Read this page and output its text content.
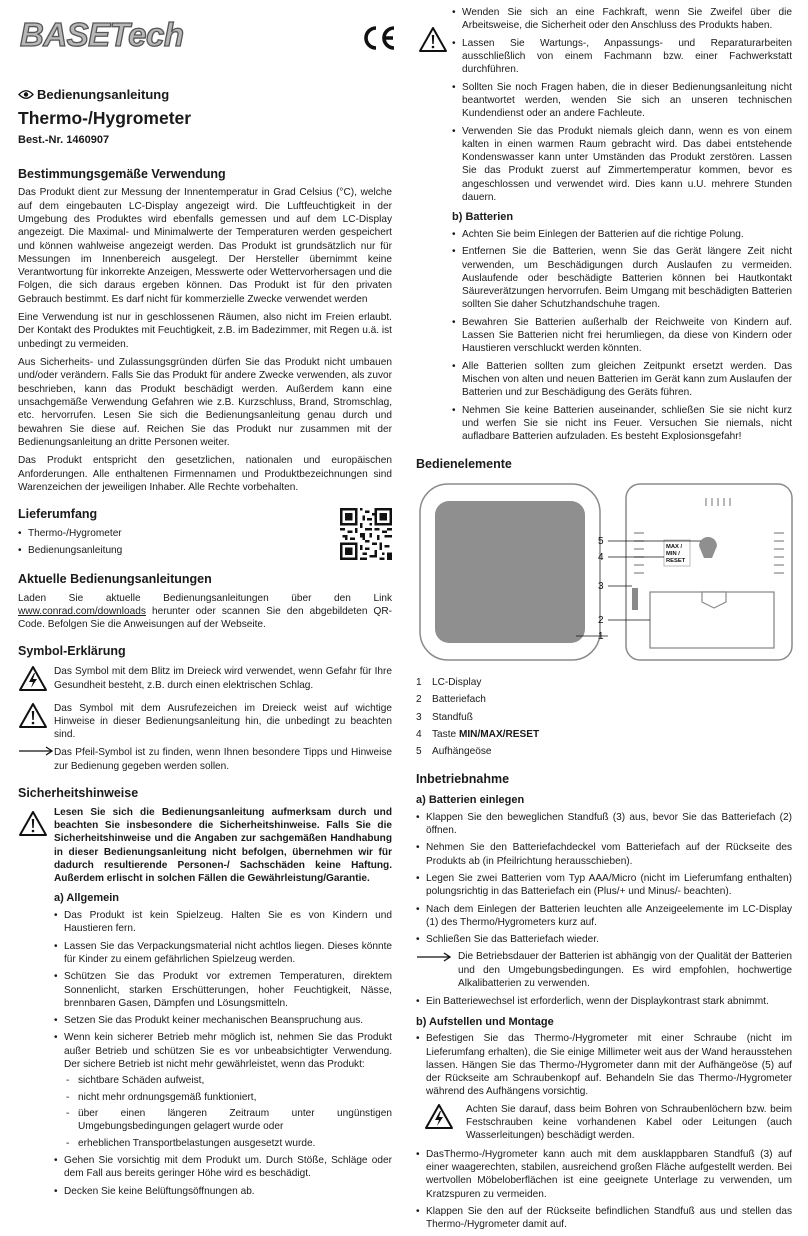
BASETech
Bedienungsanleitung
Thermo-/Hygrometer
Best.-Nr. 1460907
Bestimmungsgemäße Verwendung

Das Produkt dient zur Messung der Innentemperatur in Grad Celsius (°C), welche auf dem eingebauten LC-Display angezeigt wird. Die Luftfeuchtigkeit in der Umgebung des Produktes wird ebenfalls gemessen und auf dem LC-Display angezeigt. Die Maximal- und Minimalwerte der Temperaturen werden gespeichert und können wahlweise angezeigt werden. Das Produkt ist grundsätzlich nur für Messungen im Innenbereich ausgelegt. Der Hersteller übernimmt keine Verantwortung für inkorrekte Anzeigen, Messwerte oder Wettervorhersagen und die Folgen, die sich daraus ergeben können. Das Produkt ist für den privaten Gebrauch bestimmt. Es darf nicht für kommerzielle Zwecke verwendet werden

Eine Verwendung ist nur in geschlossenen Räumen, also nicht im Freien erlaubt. Der Kontakt des Produktes mit Feuchtigkeit, z.B. im Badezimmer, mit Regen u.ä. ist unbedingt zu vermeiden.

Aus Sicherheits- und Zulassungsgründen dürfen Sie das Produkt nicht umbauen und/oder verändern. Falls Sie das Produkt für andere Zwecke verwenden, als zuvor beschrieben, kann das Produkt beschädigt werden. Außerdem kann eine unsachgemäße Verwendung Gefahren wie z.B. Kurzschluss, Brand, Stromschlag, etc. hervorrufen. Lesen Sie sich die Bedienungsanleitung genau durch und bewahren Sie diese auf. Reichen Sie das Produkt nur zusammen mit der Bedienungsanleitung an dritte Personen weiter.

Das Produkt entspricht den gesetzlichen, nationalen und europäischen Anforderungen. Alle enthaltenen Firmennamen und Produktbezeichnungen sind Warenzeichen der jeweiligen Inhaber. Alle Rechte vorbehalten.

Lieferumfang
• Thermo-/Hygrometer
• Bedienungsanleitung
Aktuelle Bedienungsanleitungen

Laden Sie aktuelle Bedienungsanleitungen über den Link www.conrad.com/downloads herunter oder scannen Sie den abgebildeten QR-Code. Befolgen Sie die Anweisungen auf der Webseite.

Symbol-Erklärung
Das Symbol mit dem Blitz im Dreieck wird verwendet, wenn Gefahr für Ihre Gesundheit besteht, z.B. durch einen elektrischen Schlag.
Das Symbol mit dem Ausrufezeichen im Dreieck weist auf wichtige Hinweise in dieser Bedienungsanleitung hin, die unbedingt zu beachten sind.
Das Pfeil-Symbol ist zu finden, wenn Ihnen besondere Tipps und Hinweise zur Bedienung gegeben werden sollen.
Sicherheitshinweise
Lesen Sie sich die Bedienungsanleitung aufmerksam durch und beachten Sie insbesondere die Sicherheitshinweise. Falls Sie die Sicherheitshinweise und die Angaben zur sachgemäßen Handhabung in dieser Bedienungsanleitung nicht befolgen, übernehmen wir für dadurch resultierende Personen-/ Sachschäden keine Haftung. Außerdem erlischt in solchen Fällen die Gewährleistung/Garantie.
a) Allgemein
• Das Produkt ist kein Spielzeug. Halten Sie es von Kindern und Haustieren fern.
• Lassen Sie das Verpackungsmaterial nicht achtlos liegen. Dieses könnte für Kinder zu einem gefährlichen Spielzeug werden.
• Schützen Sie das Produkt vor extremen Temperaturen, direktem Sonnenlicht, starken Erschütterungen, hoher Feuchtigkeit, Nässe, brennbaren Gasen, Dämpfen und Lösungsmitteln.
• Setzen Sie das Produkt keiner mechanischen Beanspruchung aus.
• Wenn kein sicherer Betrieb mehr möglich ist, nehmen Sie das Produkt außer Betrieb und schützen Sie es vor unbeabsichtigter Verwendung. Der sichere Betrieb ist nicht mehr gewährleistet, wenn das Produkt:
- sichtbare Schäden aufweist,
- nicht mehr ordnungsgemäß funktioniert,
- über einen längeren Zeitraum unter ungünstigen Umgebungsbedingungen gelagert wurde oder
- erheblichen Transportbelastungen ausgesetzt wurde.
• Gehen Sie vorsichtig mit dem Produkt um. Durch Stöße, Schläge oder dem Fall aus bereits geringer Höhe wird es beschädigt.
• Decken Sie keine Belüftungsöffnungen ab.
• Wenden Sie sich an eine Fachkraft, wenn Sie Zweifel über die Arbeitsweise, die Sicherheit oder den Anschluss des Produkts haben.
• Lassen Sie Wartungs-, Anpassungs- und Reparaturarbeiten ausschließlich von einem Fachmann bzw. einer Fachwerkstatt durchführen.
• Sollten Sie noch Fragen haben, die in dieser Bedienungsanleitung nicht beantwortet werden, wenden Sie sich an unseren technischen Kundendienst oder an andere Fachleute.
• Verwenden Sie das Produkt niemals gleich dann, wenn es von einem kalten in einen warmen Raum gebracht wird. Das dabei entstehende Kondenswasser kann unter Umständen das Produkt zerstören. Lassen Sie das Produkt zuerst auf Zimmertemperatur kommen, bevor es angeschlossen und verwendet wird. Dies kann u.U. mehrere Stunden dauern.
b) Batterien
• Achten Sie beim Einlegen der Batterien auf die richtige Polung.
• Entfernen Sie die Batterien, wenn Sie das Gerät längere Zeit nicht verwenden, um Beschädigungen durch Auslaufen zu vermeiden. Auslaufende oder beschädigte Batterien können bei Hautkontakt Säureverätzungen hervorrufen. Beim Umgang mit beschädigten Batterien sollten Sie daher Schutzhandschuhe tragen.
• Bewahren Sie Batterien außerhalb der Reichweite von Kindern auf. Lassen Sie Batterien nicht frei herumliegen, da diese von Kindern oder Haustieren verschluckt werden könnten.
• Alle Batterien sollten zum gleichen Zeitpunkt ersetzt werden. Das Mischen von alten und neuen Batterien im Gerät kann zum Auslaufen der Batterien und zur Beschädigung des Geräts führen.
• Nehmen Sie keine Batterien auseinander, schließen Sie sie nicht kurz und werfen Sie sie nicht ins Feuer. Versuchen Sie niemals, nicht aufladbare Batterien aufzuladen. Es besteht Explosionsgefahr!
Bedienelemente
MAX /
MIN /
RESET
5
4
3
2
1
1	LC-Display
2	Batteriefach
3	Standfuß
4	Taste MIN/MAX/RESET
5	Aufhängeöse
Inbetriebnahme
a) Batterien einlegen
• Klappen Sie den beweglichen Standfuß (3) aus, bevor Sie das Batteriefach (2) öffnen.
• Nehmen Sie den Batteriefachdeckel vom Batteriefach auf der Rückseite des Produkts ab (in Pfeilrichtung herausschieben).
• Legen Sie zwei Batterien vom Typ AAA/Micro (nicht im Lieferumfang enthalten) polungsrichtig in das Batteriefach ein (Plus/+ und Minus/- beachten).
• Nach dem Einlegen der Batterien leuchten alle Anzeigeelemente im LC-Display (1) des Thermo/Hygrometers kurz auf.
• Schließen Sie das Batteriefach wieder.
Die Betriebsdauer der Batterien ist abhängig von der Qualität der Batterien und den Umgebungsbedingungen. Es wird empfohlen, hochwertige Alkalibatterien zu verwenden.
• Ein Batteriewechsel ist erforderlich, wenn der Displaykontrast stark abnimmt.
b) Aufstellen und Montage
• Befestigen Sie das Thermo-/Hygrometer mit einer Schraube (nicht im Lieferumfang erhalten), die Sie einige Millimeter weit aus der Wand herausstehen lassen. Hängen Sie das Thermo-/Hygrometer dann mit der Aufhängeöse (5) auf der Rückseite am Schraubenkopf auf. Behandeln Sie das Thermo-/Hygrometer während des Aufhängens vorsichtig.
Achten Sie darauf, dass beim Bohren von Schraubenlöchern bzw. beim Festschrauben keine vorhandenen Kabel oder Leitungen (auch Wasserleitungen) beschädigt werden.
• DasThermo-/Hygrometer kann auch mit dem ausklappbaren Standfuß (3) auf einer waagerechten, stabilen, ausreichend großen Fläche aufgestellt werden. Bei wertvollen Möbeloberflächen ist eine geeignete Unterlage zu verwenden, um Kratzspuren zu vermeiden.
• Klappen Sie den auf der Rückseite befindlichen Standfuß aus und stellen das Thermo-/Hygrometer damit auf.
